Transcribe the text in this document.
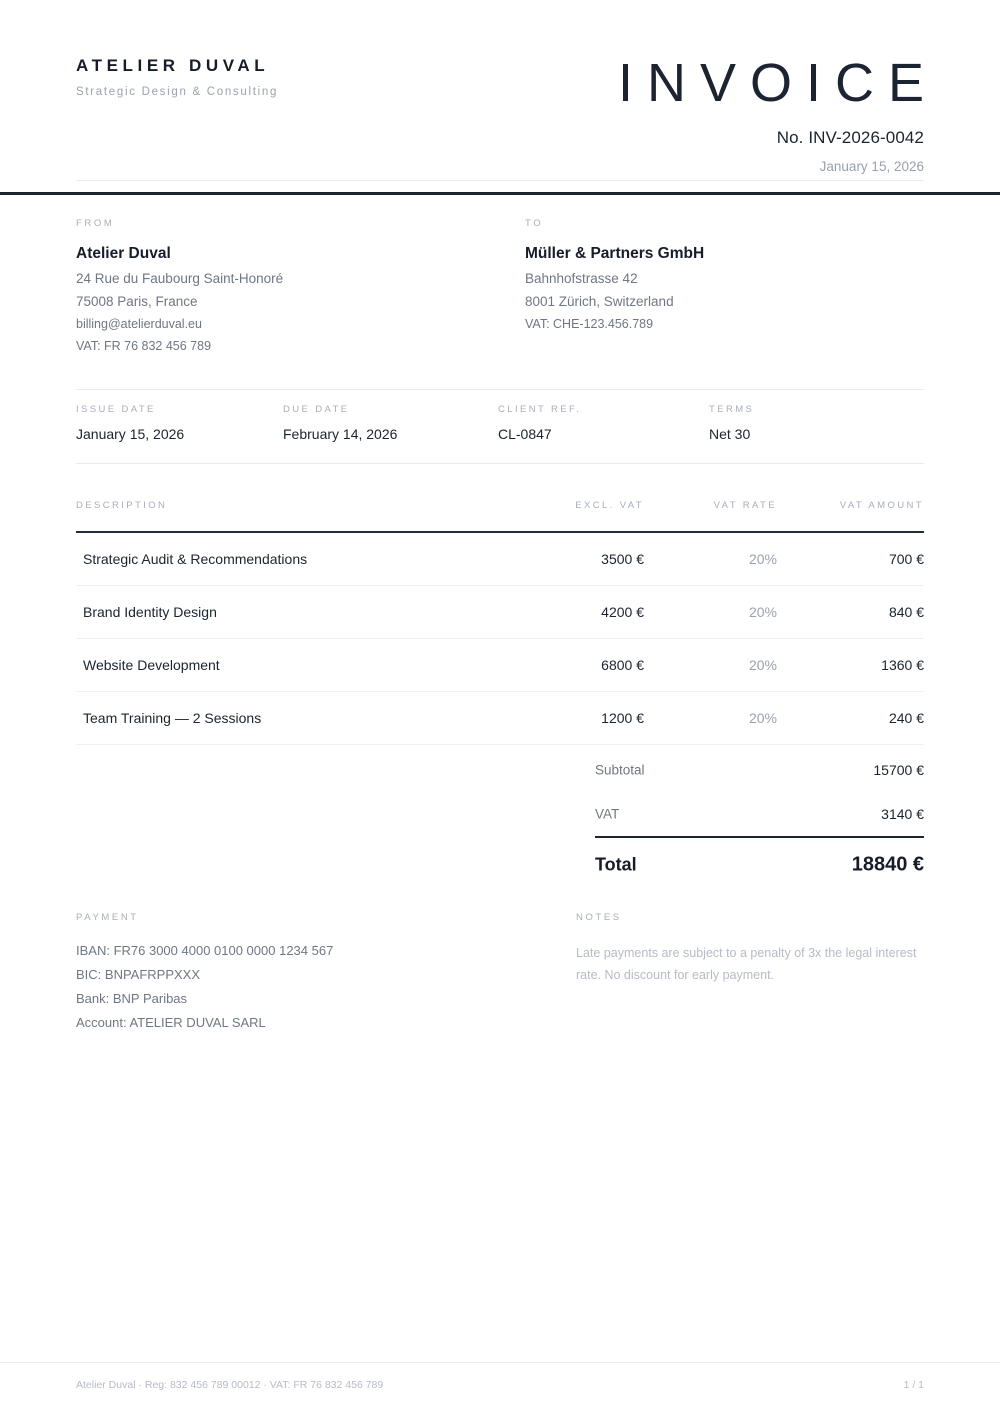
ATELIER DUVAL
Strategic Design & Consulting	INVOICE
No. INV-2026-0042
January 15, 2026
FROM
Atelier Duval
24 Rue du Faubourg Saint-Honoré
75008 Paris, France
billing@atelierduval.eu
VAT: FR 76 832 456 789
TO
Müller & Partners GmbH
Bahnhofstrasse 42
8001 Zürich, Switzerland
VAT: CHE-123.456.789
ISSUE DATE
January 15, 2026
DUE DATE
February 14, 2026
CLIENT REF.
CL-0847
TERMS
Net 30
DESCRIPTION	EXCL. VAT	VAT RATE	VAT AMOUNT
Strategic Audit & Recommendations	3500 €	20%	700 €
Brand Identity Design	4200 €	20%	840 €
Website Development	6800 €	20%	1360 €
Team Training — 2 Sessions	1200 €	20%	240 €
Subtotal	15700 €
VAT	3140 €
Total	18840 €
PAYMENT
IBAN: FR76 3000 4000 0100 0000 1234 567
BIC: BNPAFRPPXXX
Bank: BNP Paribas
Account: ATELIER DUVAL SARL
NOTES
Late payments are subject to a penalty of 3x the legal interest rate. No discount for early payment.
Atelier Duval · Reg: 832 456 789 00012 · VAT: FR 76 832 456 789	1 / 1
